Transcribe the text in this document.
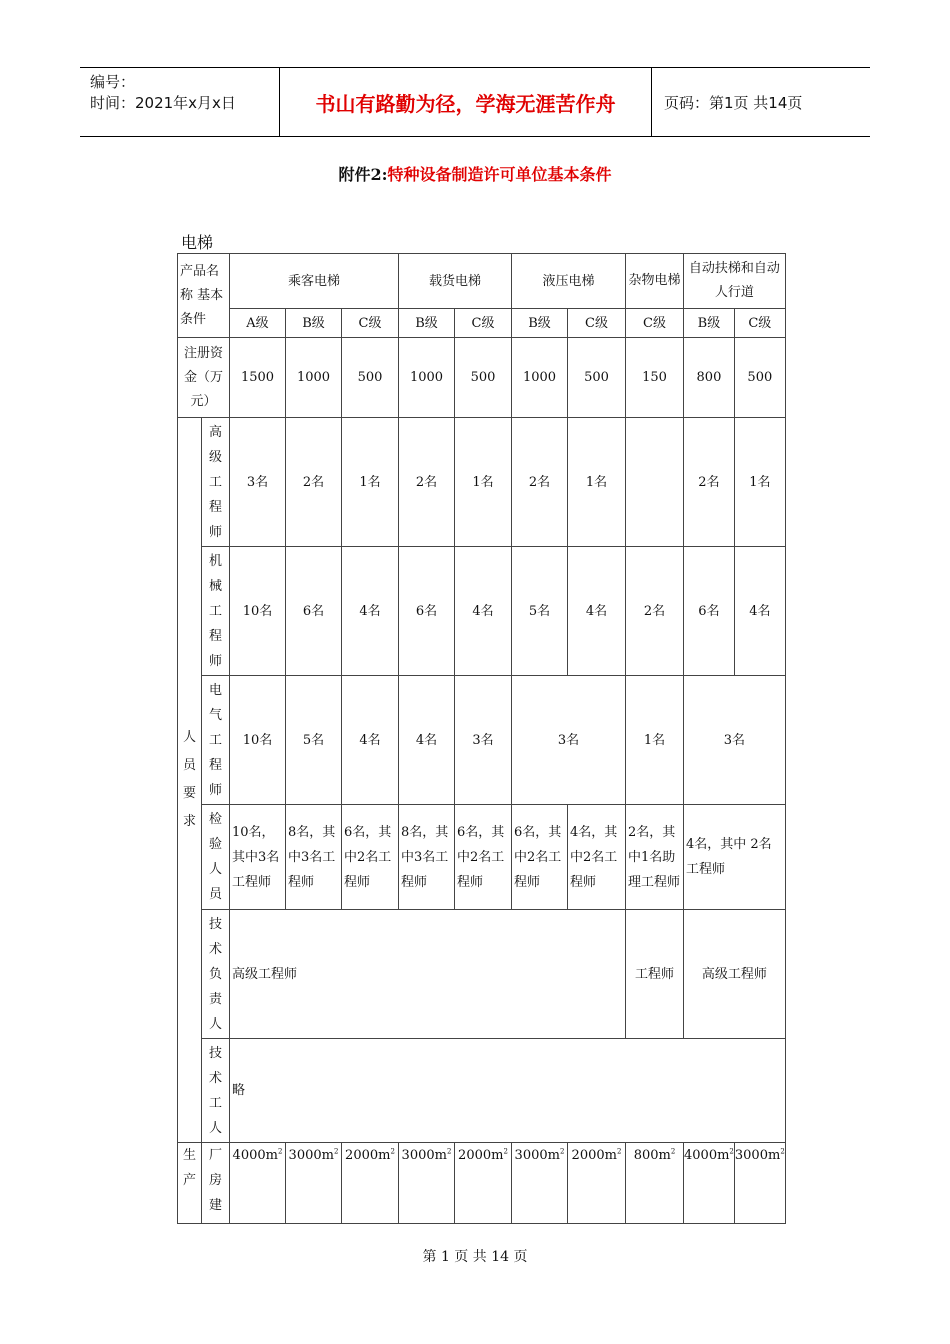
编号：
时间：2021年x月x日	书山有路勤为径，学海无涯苦作舟	页码：第1页 共14页
附件2:特种设备制造许可单位基本条件
电梯
产品名称 基本条件		乘客电梯			载货电梯		液压电梯		杂物电梯	自动扶梯和自动人行道	
		A级	B级	C级	B级	C级	B级	C级	C级	B级	C级
注册资金（万元）		1500	1000	500	1000	500	1000	500	150	800	500
人员要求	高级工程师	3名	2名	1名	2名	1名	2名	1名		2名	1名
	机械工程师	10名	6名	4名	6名	4名	5名	4名	2名	6名	4名
	电气工程师	10名	5名	4名	4名	3名	3名		1名	3名	
	检验人员	10名，其中3名工程师	8名，其中3名工程师	6名，其中2名工程师	8名，其中3名工程师	6名，其中2名工程师	6名，其中2名工程师	4名，其中2名工程师	2名，其中1名助理工程师	4名，其中 2名工程师	
	技术负责人	高级工程师							工程师	高级工程师	
	技术工人	略									
生产	厂房建	$4000m^2$	$3000m^2$	$2000m^2$	$3000m^2$	$2000m^2$	$3000m^2$	$2000m^2$	$800m^2$	$4000m^2$	$3000m^2$
第 1 页 共 14 页
